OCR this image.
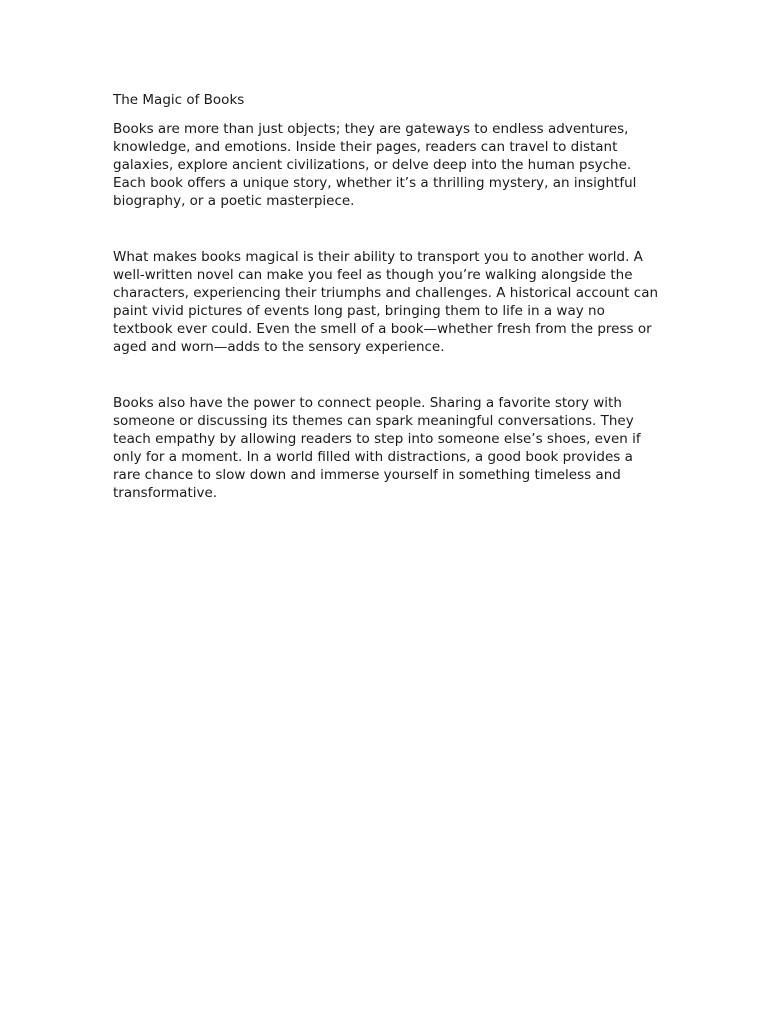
The Magic of Books

Books are more than just objects; they are gateways to endless adventures, knowledge, and emotions. Inside their pages, readers can travel to distant galaxies, explore ancient civilizations, or delve deep into the human psyche. Each book offers a unique story, whether it’s a thrilling mystery, an insightful biography, or a poetic masterpiece.

What makes books magical is their ability to transport you to another world. A well-written novel can make you feel as though you’re walking alongside the characters, experiencing their triumphs and challenges. A historical account can paint vivid pictures of events long past, bringing them to life in a way no textbook ever could. Even the smell of a book—whether fresh from the press or aged and worn—adds to the sensory experience.

Books also have the power to connect people. Sharing a favorite story with someone or discussing its themes can spark meaningful conversations. They teach empathy by allowing readers to step into someone else’s shoes, even if only for a moment. In a world filled with distractions, a good book provides a rare chance to slow down and immerse yourself in something timeless and transformative.
